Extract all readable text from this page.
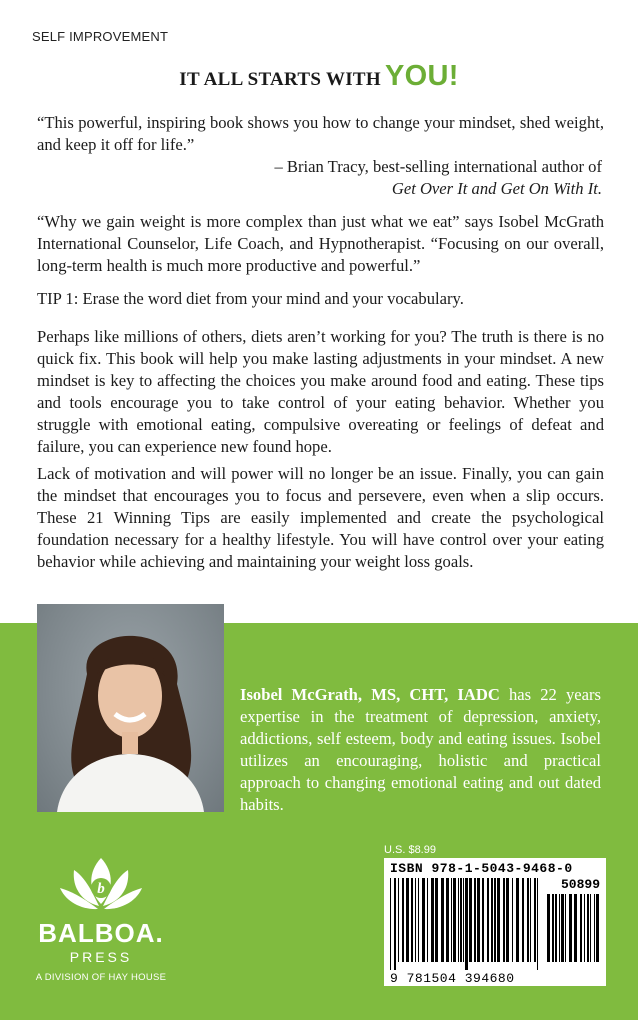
SELF IMPROVEMENT
IT ALL STARTS WITH YOU!

“This powerful, inspiring book shows you how to change your mindset, shed weight, and keep it off for life.”

– Brian Tracy, best-selling international author of
Get Over It and Get On With It.

“Why we gain weight is more complex than just what we eat” says Isobel McGrath International Counselor, Life Coach, and Hypnotherapist. “Focusing on our overall, long-term health is much more productive and powerful.”

TIP 1: Erase the word diet from your mind and your vocabulary.

Perhaps like millions of others, diets aren’t working for you? The truth is there is no quick fix. This book will help you make lasting adjustments in your mindset. A new mindset is key to affecting the choices you make around food and eating. These tips and tools encourage you to take control of your eating behavior. Whether you struggle with emotional eating, compulsive overeating or feelings of defeat and failure, you can experience new found hope.

Lack of motivation and will power will no longer be an issue. Finally, you can gain the mindset that encourages you to focus and persevere, even when a slip occurs. These 21 Winning Tips are easily implemented and create the psychological foundation necessary for a healthy lifestyle. You will have control over your eating behavior while achieving and maintaining your weight loss goals.

Isobel McGrath, MS, CHT, IADC has 22 years expertise in the treatment of depression, anxiety, addictions, self esteem, body and eating issues. Isobel utilizes an encouraging, holistic and practical approach to changing emotional eating and out dated habits.

U.S. $8.99
ISBN 978-1-5043-9468-0
50899
9 781504 394680
b
BALBOA.
PRESS
A DIVISION OF HAY HOUSE
